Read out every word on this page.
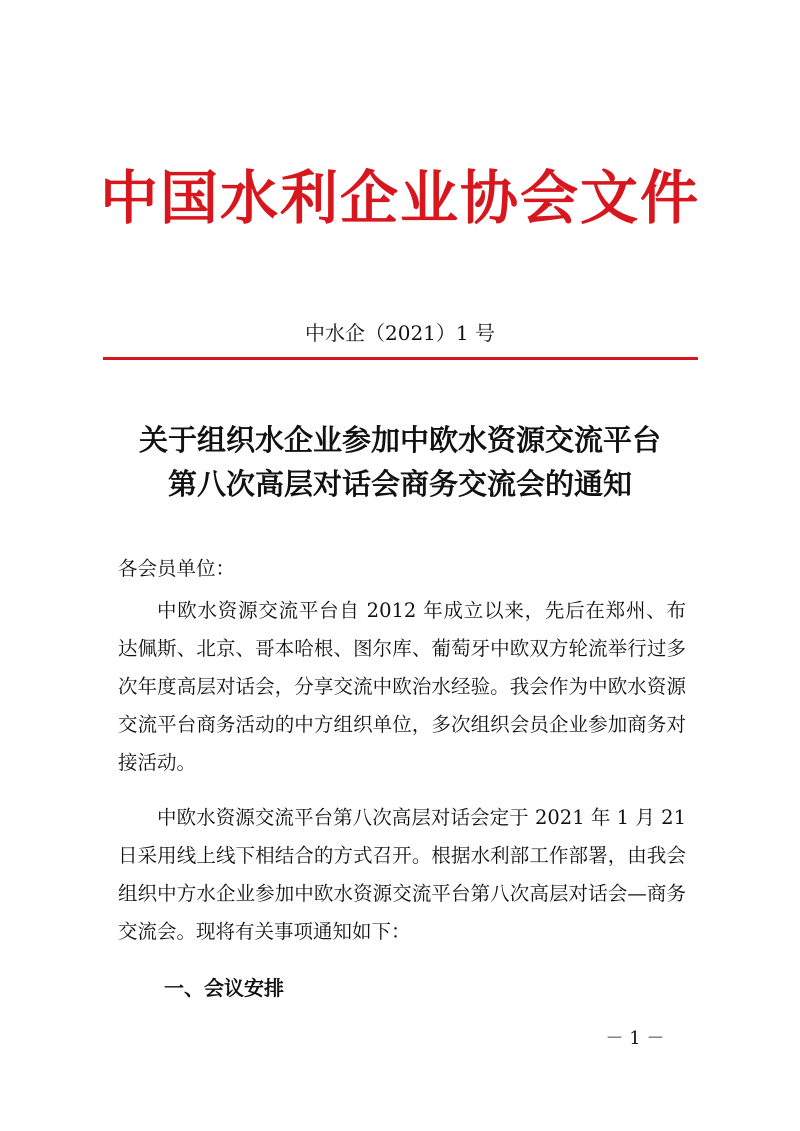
中国水利企业协会文件
中水企（2021）1 号
关于组织水企业参加中欧水资源交流平台
第八次高层对话会商务交流会的通知
各会员单位：

中欧水资源交流平台自 2012 年成立以来，先后在郑州、布达佩斯、北京、哥本哈根、图尔库、葡萄牙中欧双方轮流举行过多次年度高层对话会，分享交流中欧治水经验。我会作为中欧水资源交流平台商务活动的中方组织单位，多次组织会员企业参加商务对接活动。

中欧水资源交流平台第八次高层对话会定于 2021 年 1 月 21 日采用线上线下相结合的方式召开。根据水利部工作部署，由我会组织中方水企业参加中欧水资源交流平台第八次高层对话会—商务交流会。现将有关事项通知如下：

一、会议安排
－ 1 －
